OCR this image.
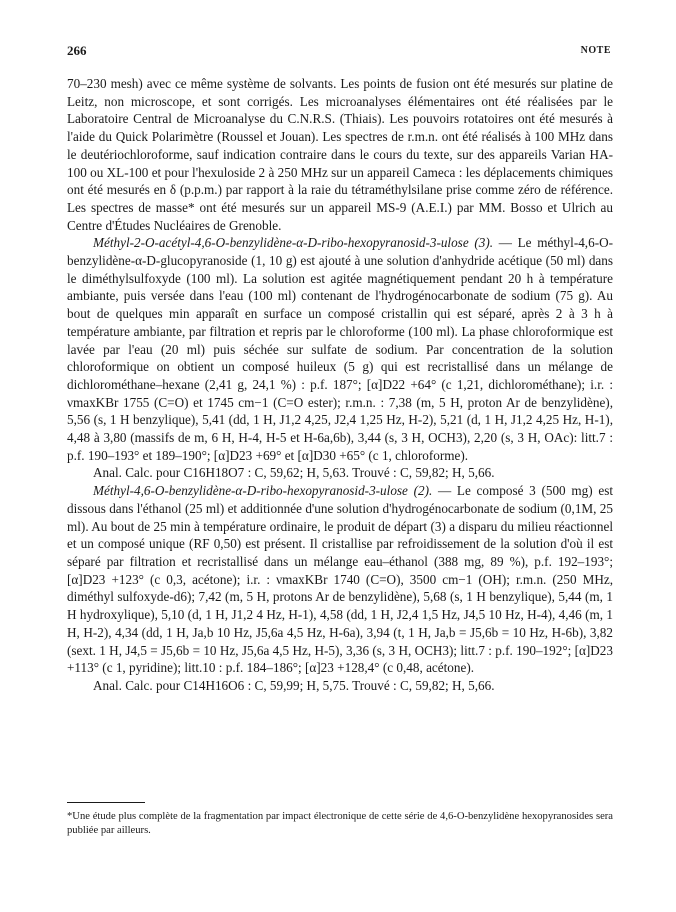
266	NOTE

70–230 mesh) avec ce même système de solvants. Les points de fusion ont été mesurés sur platine de Leitz, non microscope, et sont corrigés. Les microanalyses élémentaires ont été réalisées par le Laboratoire Central de Microanalyse du C.N.R.S. (Thiais). Les pouvoirs rotatoires ont été mesurés à l'aide du Quick Polarimètre (Roussel et Jouan). Les spectres de r.m.n. ont été réalisés à 100 MHz dans le deutériochloroforme, sauf indication contraire dans le cours du texte, sur des appareils Varian HA-100 ou XL-100 et pour l'hexuloside 2 à 250 MHz sur un appareil Cameca : les déplacements chimiques ont été mesurés en δ (p.p.m.) par rapport à la raie du tétraméthylsilane prise comme zéro de référence. Les spectres de masse* ont été mesurés sur un appareil MS-9 (A.E.I.) par MM. Bosso et Ulrich au Centre d'Études Nucléaires de Grenoble.

Méthyl-2-O-acétyl-4,6-O-benzylidène-α-D-ribo-hexopyranosid-3-ulose (3). — Le méthyl-4,6-O-benzylidène-α-D-glucopyranoside (1, 10 g) est ajouté à une solution d'anhydride acétique (50 ml) dans le diméthylsulfoxyde (100 ml). La solution est agitée magnétiquement pendant 20 h à température ambiante, puis versée dans l'eau (100 ml) contenant de l'hydrogénocarbonate de sodium (75 g). Au bout de quelques min apparaît en surface un composé cristallin qui est séparé, après 2 à 3 h à température ambiante, par filtration et repris par le chloroforme (100 ml). La phase chloroformique est lavée par l'eau (20 ml) puis séchée sur sulfate de sodium. Par concentration de la solution chloroformique on obtient un composé huileux (5 g) qui est recristallisé dans un mélange de dichlorométhane–hexane (2,41 g, 24,1 %) : p.f. 187°; [α]D22 +64° (c 1,21, dichlorométhane); i.r. : νmaxKBr 1755 (C=O) et 1745 cm−1 (C=O ester); r.m.n. : 7,38 (m, 5 H, proton Ar de benzylidène), 5,56 (s, 1 H benzylique), 5,41 (dd, 1 H, J1,2 4,25, J2,4 1,25 Hz, H-2), 5,21 (d, 1 H, J1,2 4,25 Hz, H-1), 4,48 à 3,80 (massifs de m, 6 H, H-4, H-5 et H-6a,6b), 3,44 (s, 3 H, OCH3), 2,20 (s, 3 H, OAc): litt.7 : p.f. 190–193° et 189–190°; [α]D23 +69° et [α]D30 +65° (c 1, chloroforme).

Anal. Calc. pour C16H18O7 : C, 59,62; H, 5,63. Trouvé : C, 59,82; H, 5,66.

Méthyl-4,6-O-benzylidène-α-D-ribo-hexopyranosid-3-ulose (2). — Le composé 3 (500 mg) est dissous dans l'éthanol (25 ml) et additionnée d'une solution d'hydrogénocarbonate de sodium (0,1M, 25 ml). Au bout de 25 min à température ordinaire, le produit de départ (3) a disparu du milieu réactionnel et un composé unique (RF 0,50) est présent. Il cristallise par refroidissement de la solution d'où il est séparé par filtration et recristallisé dans un mélange eau–éthanol (388 mg, 89 %), p.f. 192–193°; [α]D23 +123° (c 0,3, acétone); i.r. : νmaxKBr 1740 (C=O), 3500 cm−1 (OH); r.m.n. (250 MHz, diméthyl sulfoxyde-d6); 7,42 (m, 5 H, protons Ar de benzylidène), 5,68 (s, 1 H benzylique), 5,44 (m, 1 H hydroxylique), 5,10 (d, 1 H, J1,2 4 Hz, H-1), 4,58 (dd, 1 H, J2,4 1,5 Hz, J4,5 10 Hz, H-4), 4,46 (m, 1 H, H-2), 4,34 (dd, 1 H, Ja,b 10 Hz, J5,6a 4,5 Hz, H-6a), 3,94 (t, 1 H, Ja,b = J5,6b = 10 Hz, H-6b), 3,82 (sext. 1 H, J4,5 = J5,6b = 10 Hz, J5,6a 4,5 Hz, H-5), 3,36 (s, 3 H, OCH3); litt.7 : p.f. 190–192°; [α]D23 +113° (c 1, pyridine); litt.10 : p.f. 184–186°; [α]23 +128,4° (c 0,48, acétone).

Anal. Calc. pour C14H16O6 : C, 59,99; H, 5,75. Trouvé : C, 59,82; H, 5,66.

*Une étude plus complète de la fragmentation par impact électronique de cette série de 4,6-O-benzylidène hexopyranosides sera publiée par ailleurs.
